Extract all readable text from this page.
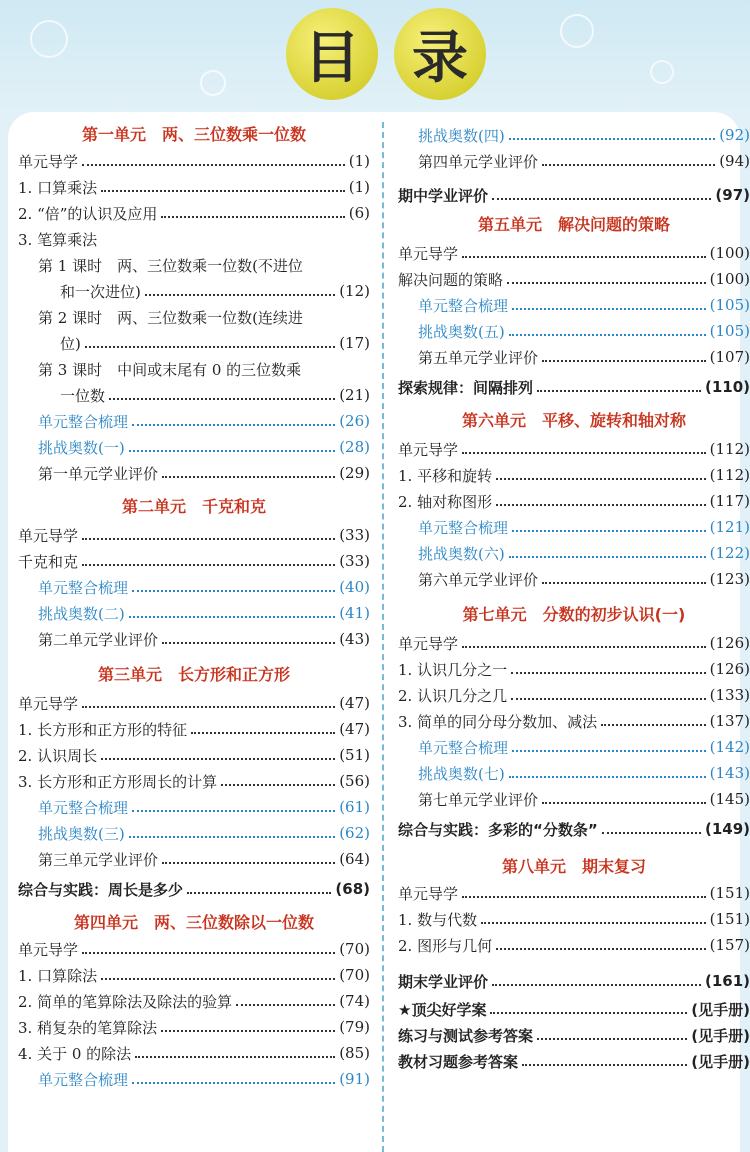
目 录
第一单元　两、三位数乘一位数
单元导学	(1)
1. 口算乘法	(1)
2. “倍”的认识及应用	(6)
3. 笔算乘法
第 1 课时　两、三位数乘一位数(不进位
和一次进位)	(12)
第 2 课时　两、三位数乘一位数(连续进
位)	(17)
第 3 课时　中间或末尾有 0 的三位数乘
一位数	(21)
单元整合梳理	(26)
挑战奥数(一)	(28)
第一单元学业评价	(29)
第二单元　千克和克
单元导学	(33)
千克和克	(33)
单元整合梳理	(40)
挑战奥数(二)	(41)
第二单元学业评价	(43)
第三单元　长方形和正方形
单元导学	(47)
1. 长方形和正方形的特征	(47)
2. 认识周长	(51)
3. 长方形和正方形周长的计算	(56)
单元整合梳理	(61)
挑战奥数(三)	(62)
第三单元学业评价	(64)
综合与实践：周长是多少	(68)
第四单元　两、三位数除以一位数
单元导学	(70)
1. 口算除法	(70)
2. 简单的笔算除法及除法的验算	(74)
3. 稍复杂的笔算除法	(79)
4. 关于 0 的除法	(85)
单元整合梳理	(91)
挑战奥数(四)	(92)
第四单元学业评价	(94)
期中学业评价	(97)
第五单元　解决问题的策略
单元导学	(100)
解决问题的策略	(100)
单元整合梳理	(105)
挑战奥数(五)	(105)
第五单元学业评价	(107)
探索规律：间隔排列	(110)
第六单元　平移、旋转和轴对称
单元导学	(112)
1. 平移和旋转	(112)
2. 轴对称图形	(117)
单元整合梳理	(121)
挑战奥数(六)	(122)
第六单元学业评价	(123)
第七单元　分数的初步认识(一)
单元导学	(126)
1. 认识几分之一	(126)
2. 认识几分之几	(133)
3. 简单的同分母分数加、减法	(137)
单元整合梳理	(142)
挑战奥数(七)	(143)
第七单元学业评价	(145)
综合与实践：多彩的“分数条”	(149)
第八单元　期末复习
单元导学	(151)
1. 数与代数	(151)
2. 图形与几何	(157)
期末学业评价	(161)
★顶尖好学案	(见手册)
练习与测试参考答案	(见手册)
教材习题参考答案	(见手册)
